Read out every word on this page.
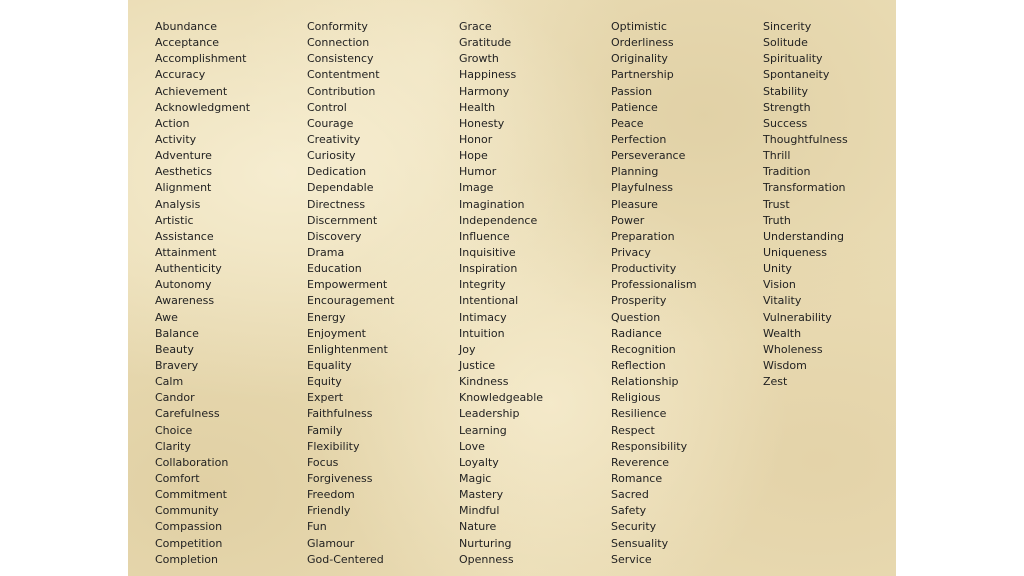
Abundance
Acceptance
Accomplishment
Accuracy
Achievement
Acknowledgment
Action
Activity
Adventure
Aesthetics
Alignment
Analysis
Artistic
Assistance
Attainment
Authenticity
Autonomy
Awareness
Awe
Balance
Beauty
Bravery
Calm
Candor
Carefulness
Choice
Clarity
Collaboration
Comfort
Commitment
Community
Compassion
Competition
Completion
Conformity
Connection
Consistency
Contentment
Contribution
Control
Courage
Creativity
Curiosity
Dedication
Dependable
Directness
Discernment
Discovery
Drama
Education
Empowerment
Encouragement
Energy
Enjoyment
Enlightenment
Equality
Equity
Expert
Faithfulness
Family
Flexibility
Focus
Forgiveness
Freedom
Friendly
Fun
Glamour
God-Centered
Grace
Gratitude
Growth
Happiness
Harmony
Health
Honesty
Honor
Hope
Humor
Image
Imagination
Independence
Influence
Inquisitive
Inspiration
Integrity
Intentional
Intimacy
Intuition
Joy
Justice
Kindness
Knowledgeable
Leadership
Learning
Love
Loyalty
Magic
Mastery
Mindful
Nature
Nurturing
Openness
Optimistic
Orderliness
Originality
Partnership
Passion
Patience
Peace
Perfection
Perseverance
Planning
Playfulness
Pleasure
Power
Preparation
Privacy
Productivity
Professionalism
Prosperity
Question
Radiance
Recognition
Reflection
Relationship
Religious
Resilience
Respect
Responsibility
Reverence
Romance
Sacred
Safety
Security
Sensuality
Service
Sincerity
Solitude
Spirituality
Spontaneity
Stability
Strength
Success
Thoughtfulness
Thrill
Tradition
Transformation
Trust
Truth
Understanding
Uniqueness
Unity
Vision
Vitality
Vulnerability
Wealth
Wholeness
Wisdom
Zest
